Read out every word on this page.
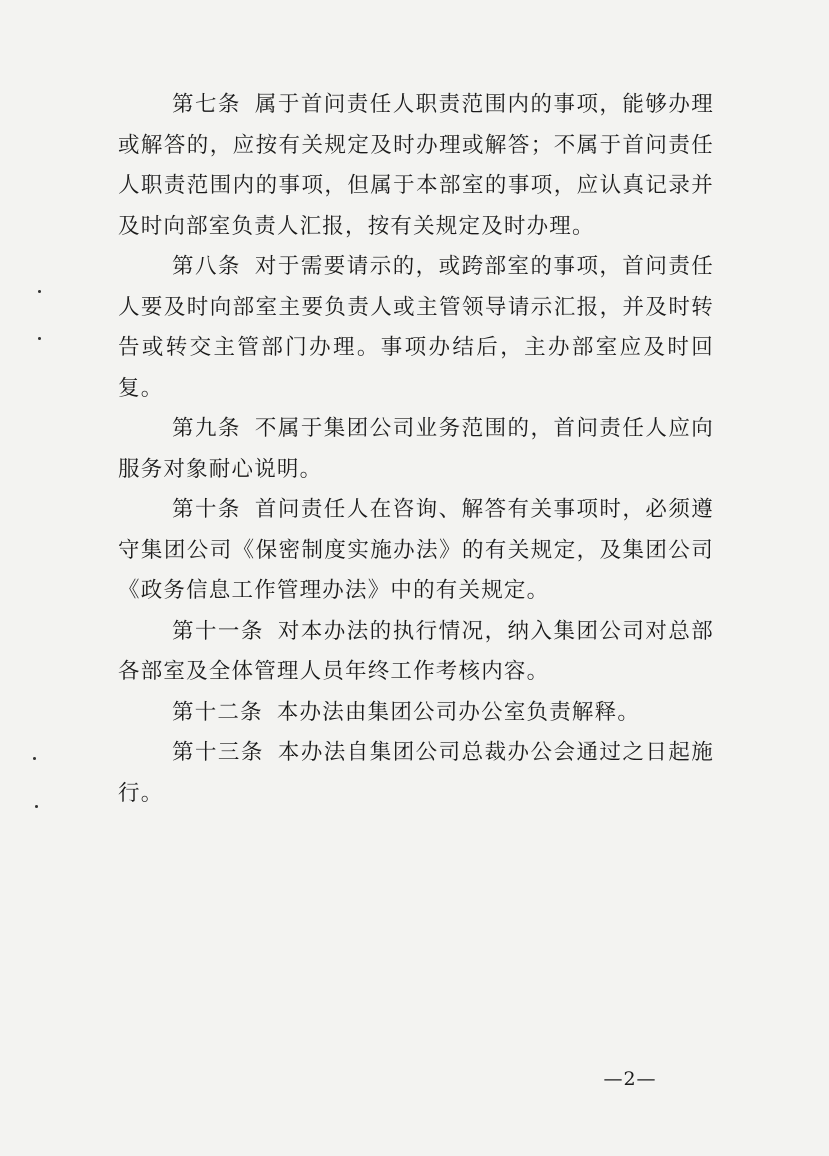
第七条 属于首问责任人职责范围内的事项，能够办理或解答的，应按有关规定及时办理或解答；不属于首问责任人职责范围内的事项，但属于本部室的事项，应认真记录并及时向部室负责人汇报，按有关规定及时办理。

第八条 对于需要请示的，或跨部室的事项，首问责任人要及时向部室主要负责人或主管领导请示汇报，并及时转告或转交主管部门办理。事项办结后，主办部室应及时回复。

第九条 不属于集团公司业务范围的，首问责任人应向服务对象耐心说明。

第十条 首问责任人在咨询、解答有关事项时，必须遵守集团公司《保密制度实施办法》的有关规定，及集团公司《政务信息工作管理办法》中的有关规定。

第十一条 对本办法的执行情况，纳入集团公司对总部各部室及全体管理人员年终工作考核内容。

第十二条 本办法由集团公司办公室负责解释。

第十三条 本办法自集团公司总裁办公会通过之日起施行。

—2—
